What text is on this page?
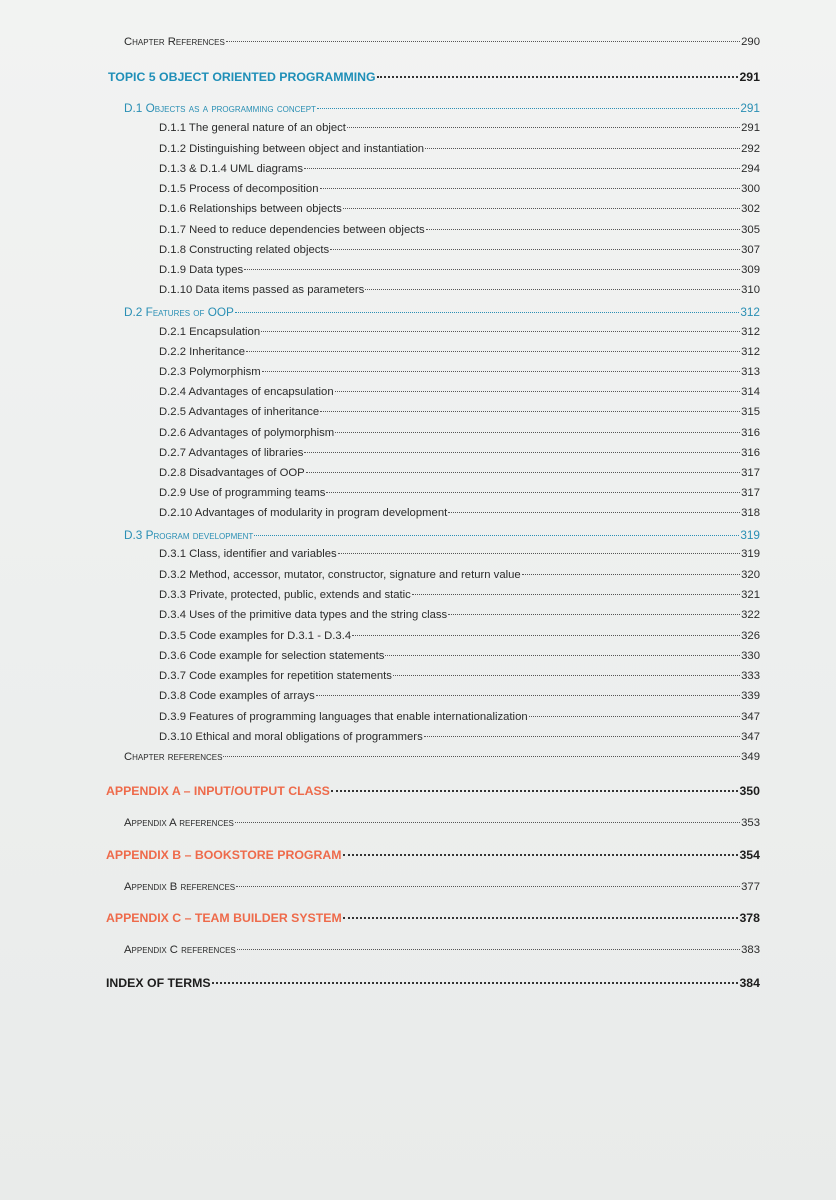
Chapter References	290
TOPIC 5 OBJECT ORIENTED PROGRAMMING	291
D.1 Objects as a programming concept	291
D.1.1 The general nature of an object	291
D.1.2 Distinguishing between object and instantiation	292
D.1.3 & D.1.4 UML diagrams	294
D.1.5 Process of decomposition	300
D.1.6 Relationships between objects	302
D.1.7 Need to reduce dependencies between objects	305
D.1.8 Constructing related objects	307
D.1.9 Data types	309
D.1.10 Data items passed as parameters	310
D.2 Features of OOP	312
D.2.1 Encapsulation	312
D.2.2 Inheritance	312
D.2.3 Polymorphism	313
D.2.4 Advantages of encapsulation	314
D.2.5 Advantages of inheritance	315
D.2.6 Advantages of polymorphism	316
D.2.7 Advantages of libraries	316
D.2.8 Disadvantages of OOP	317
D.2.9 Use of programming teams	317
D.2.10 Advantages of modularity in program development	318
D.3 Program development	319
D.3.1 Class, identifier and variables	319
D.3.2 Method, accessor, mutator, constructor, signature and return value	320
D.3.3 Private, protected, public, extends and static	321
D.3.4 Uses of the primitive data types and the string class	322
D.3.5 Code examples for D.3.1 - D.3.4	326
D.3.6 Code example for selection statements	330
D.3.7 Code examples for repetition statements	333
D.3.8 Code examples of arrays	339
D.3.9 Features of programming languages that enable internationalization	347
D.3.10 Ethical and moral obligations of programmers	347
Chapter references	349
APPENDIX A – INPUT/OUTPUT CLASS	350
Appendix A references	353
APPENDIX B – BOOKSTORE PROGRAM	354
Appendix B references	377
APPENDIX C – TEAM BUILDER SYSTEM	378
Appendix C references	383
INDEX OF TERMS	384
